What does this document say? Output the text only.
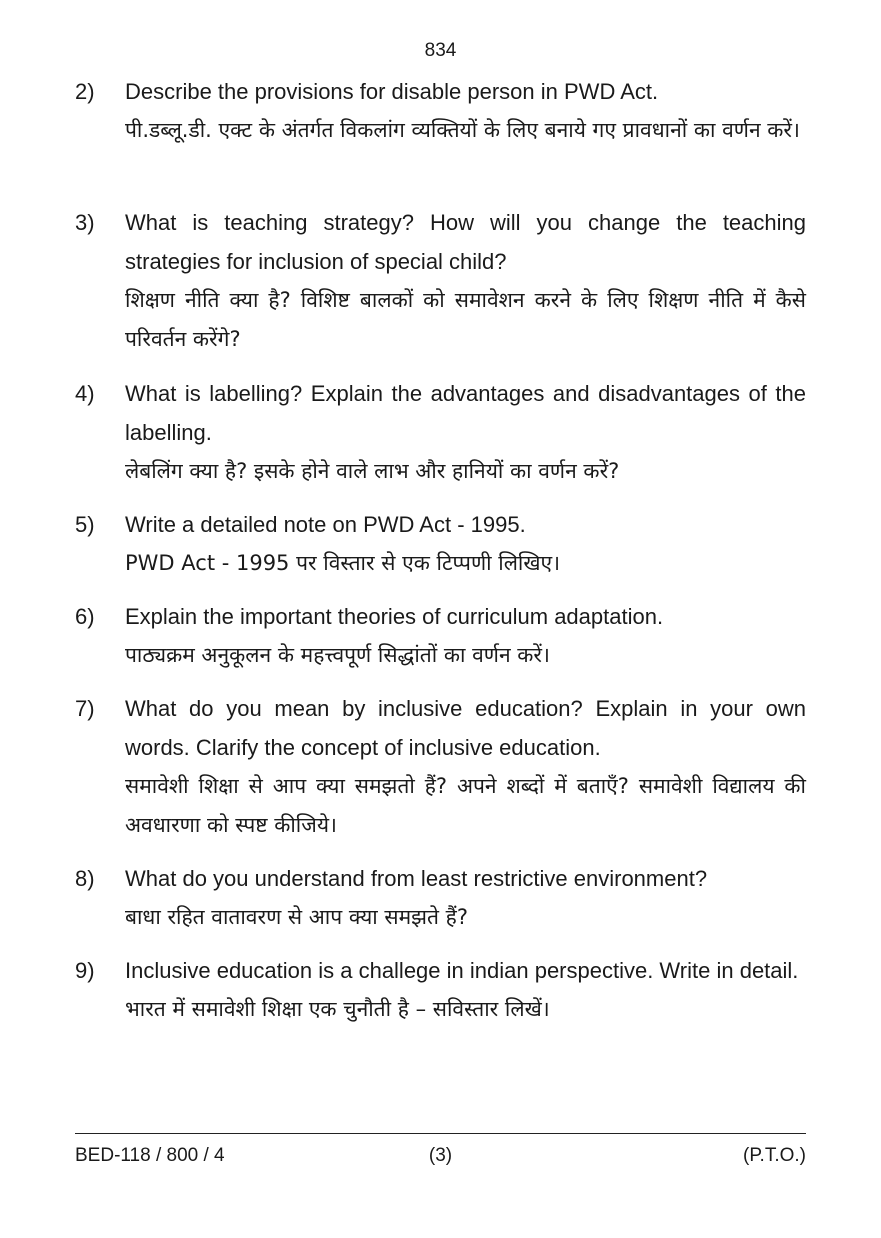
834
2) Describe the provisions for disable person in PWD Act.
पी.डब्लू.डी. एक्ट के अंतर्गत विकलांग व्यक्तियों के लिए बनाये गए प्रावधानों का वर्णन करें।
3) What is teaching strategy? How will you change the teaching strategies for inclusion of special child?
शिक्षण नीति क्या है? विशिष्ट बालकों को समावेशन करने के लिए शिक्षण नीति में कैसे परिवर्तन करेंगे?
4) What is labelling? Explain the advantages and disadvantages of the labelling.
लेबलिंग क्या है? इसके होने वाले लाभ और हानियों का वर्णन करें?
5) Write a detailed note on PWD Act - 1995.
PWD Act - 1995 पर विस्तार से एक टिप्पणी लिखिए।
6) Explain the important theories of curriculum adaptation.
पाठ्यक्रम अनुकूलन के महत्त्वपूर्ण सिद्धांतों का वर्णन करें।
7) What do you mean by inclusive education? Explain in your own words. Clarify the concept of inclusive education.
समावेशी शिक्षा से आप क्या समझतो हैं? अपने शब्दों में बताएँ? समावेशी विद्यालय की अवधारणा को स्पष्ट कीजिये।
8) What do you understand from least restrictive environment?
बाधा रहित वातावरण से आप क्या समझते हैं?
9) Inclusive education is a challege in indian perspective. Write in detail.
भारत में समावेशी शिक्षा एक चुनौती है – सविस्तार लिखें।
BED-118 / 800 / 4	(3)	(P.T.O.)
